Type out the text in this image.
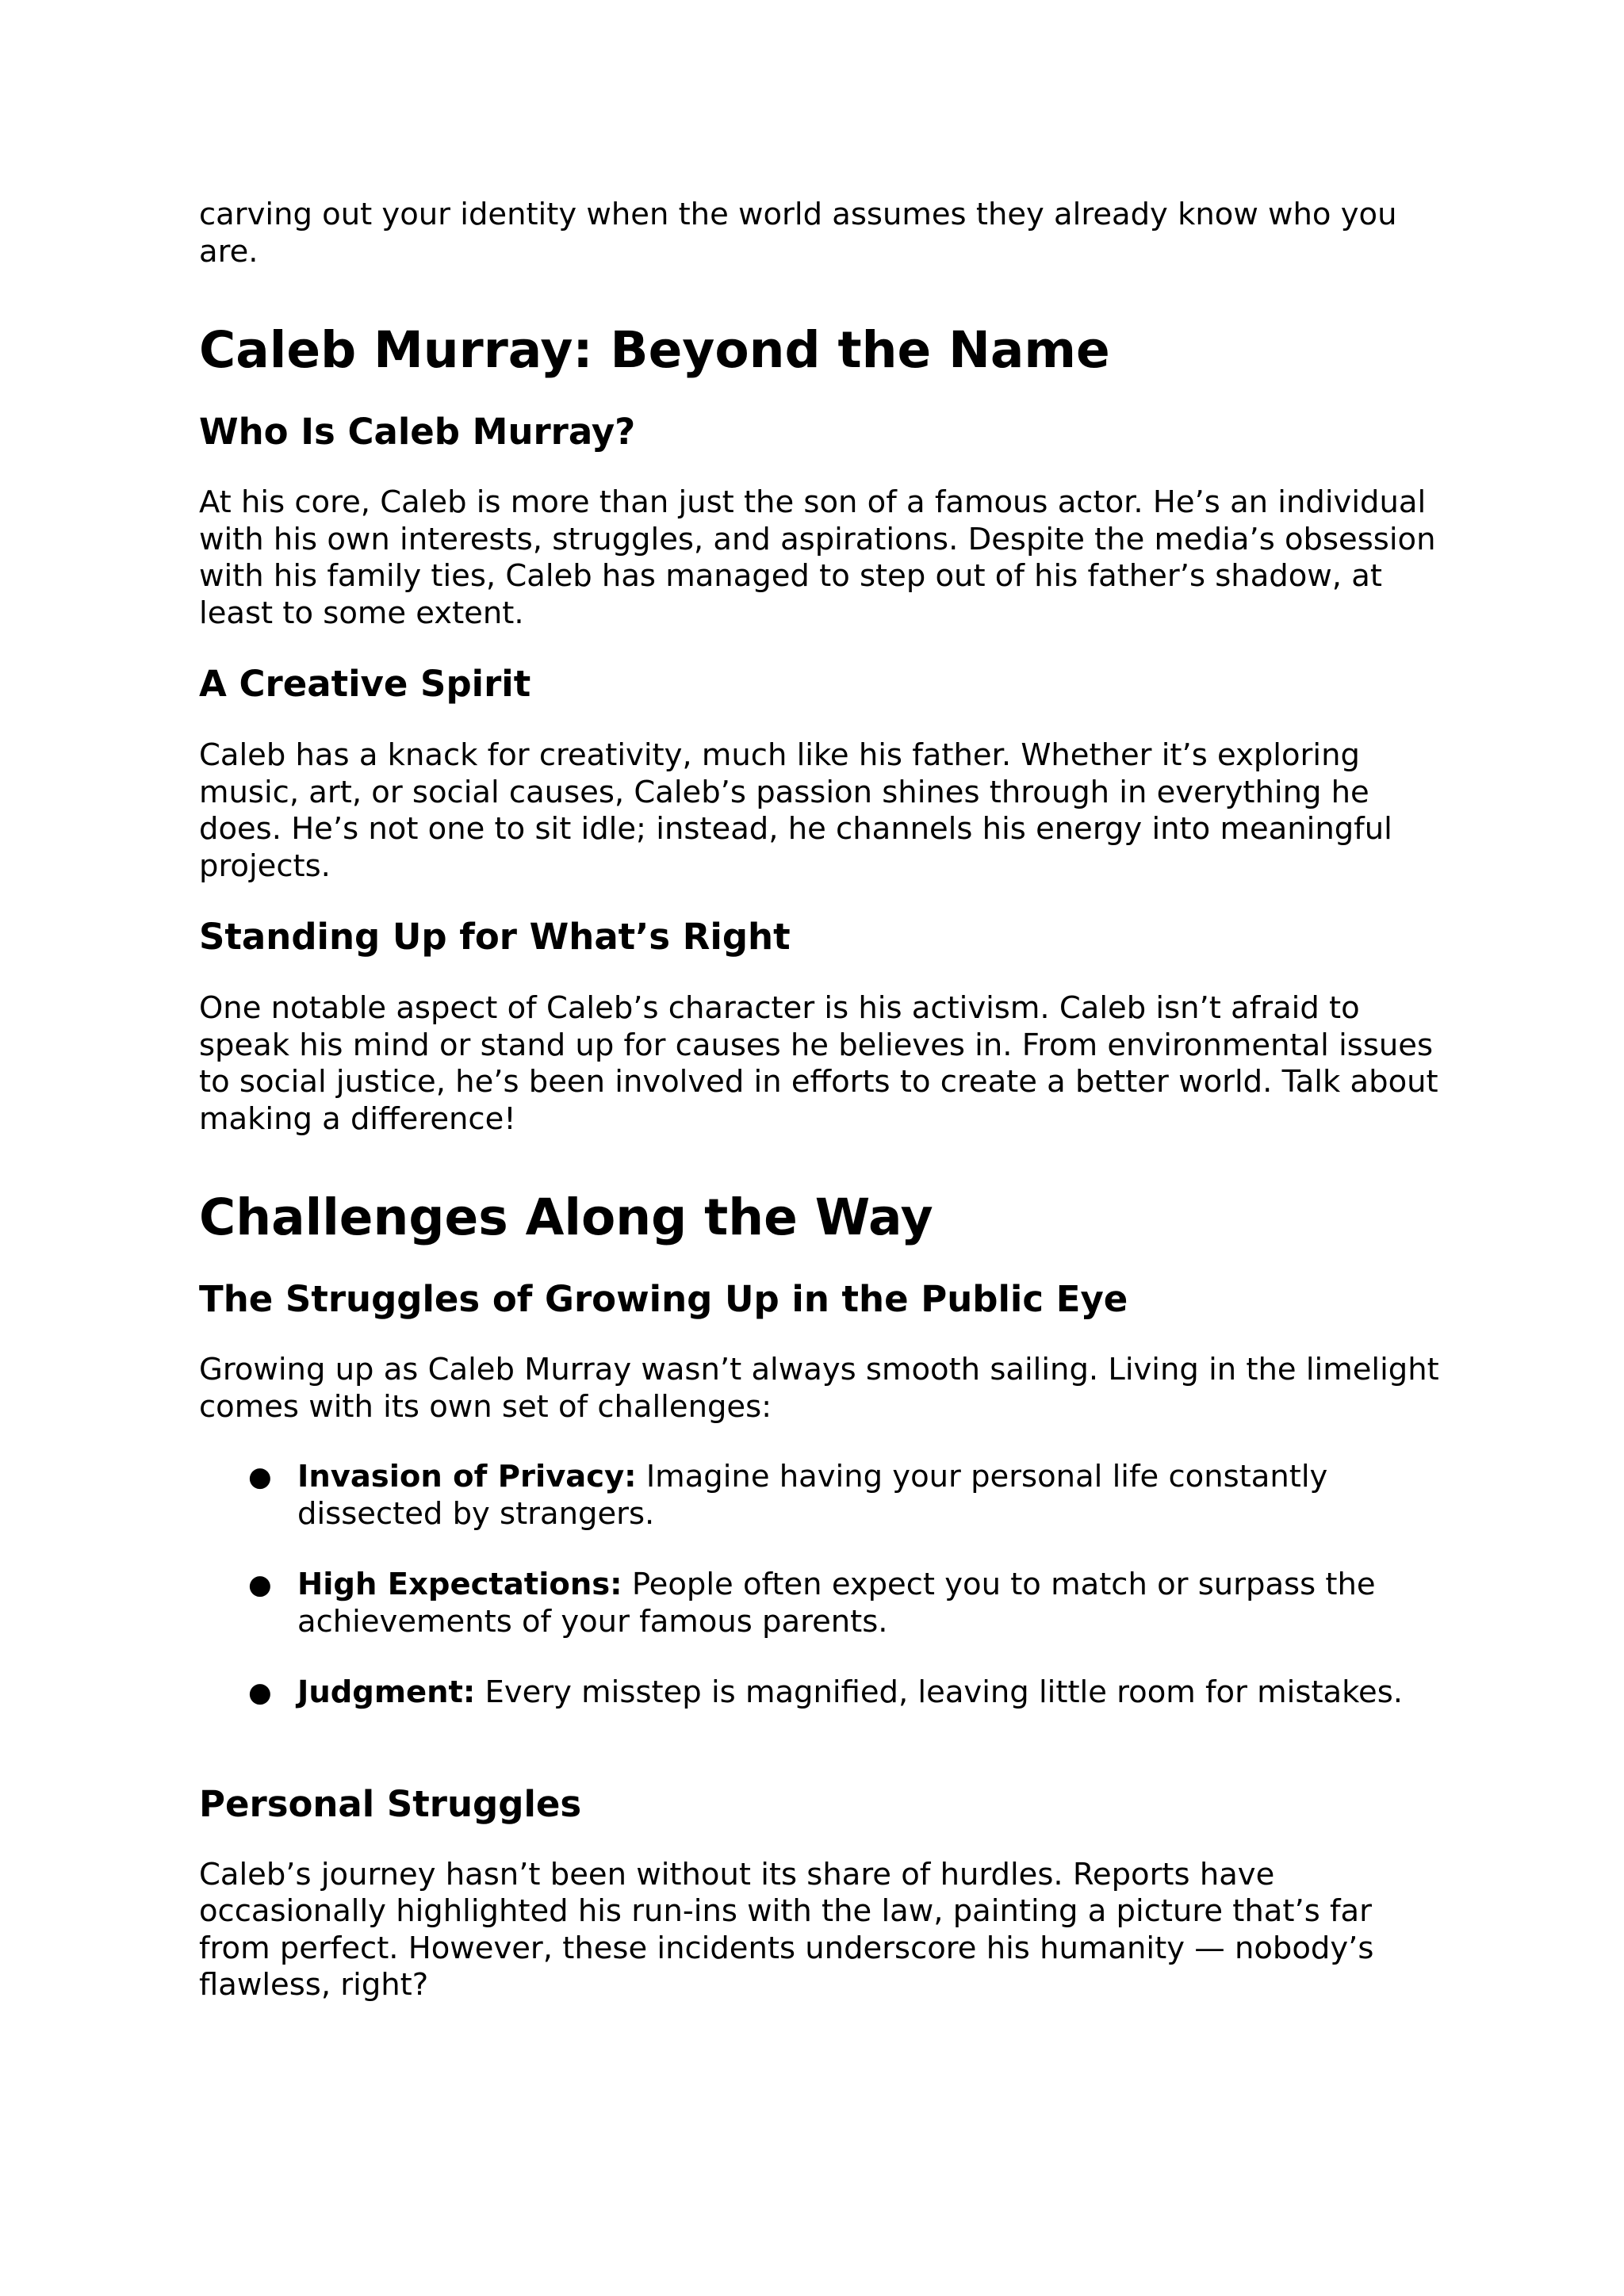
carving out your identity when the world assumes they already know who you are.

Caleb Murray: Beyond the Name
Who Is Caleb Murray?

At his core, Caleb is more than just the son of a famous actor. He’s an individual with his own interests, struggles, and aspirations. Despite the media’s obsession with his family ties, Caleb has managed to step out of his father’s shadow, at least to some extent.

A Creative Spirit

Caleb has a knack for creativity, much like his father. Whether it’s exploring music, art, or social causes, Caleb’s passion shines through in everything he does. He’s not one to sit idle; instead, he channels his energy into meaningful projects.

Standing Up for What’s Right

One notable aspect of Caleb’s character is his activism. Caleb isn’t afraid to speak his mind or stand up for causes he believes in. From environmental issues to social justice, he’s been involved in efforts to create a better world. Talk about making a difference!

Challenges Along the Way
The Struggles of Growing Up in the Public Eye

Growing up as Caleb Murray wasn’t always smooth sailing. Living in the limelight comes with its own set of challenges:

● Invasion of Privacy: Imagine having your personal life constantly dissected by strangers.
● High Expectations: People often expect you to match or surpass the achievements of your famous parents.
● Judgment: Every misstep is magnified, leaving little room for mistakes.
Personal Struggles

Caleb’s journey hasn’t been without its share of hurdles. Reports have occasionally highlighted his run-ins with the law, painting a picture that’s far from perfect. However, these incidents underscore his humanity — nobody’s flawless, right?
